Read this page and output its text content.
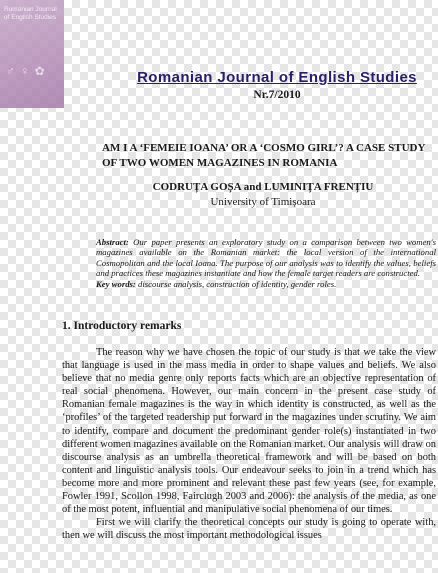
Romanian Journal
of English Studies
♂ ♀ ✿	Romanian Journal of English Studies
Nr.7/2010
AM I A ‘FEMEIE IOANA’ OR A ‘COSMO GIRL’? A CASE STUDY OF TWO WOMEN MAGAZINES IN ROMANIA
CODRUȚA GOȘA and LUMINIȚA FRENȚIU
University of Timișoara
Abstract: Our paper presents an exploratory study on a comparison between two women's magazines available on the Romanian market: the local version of the international Cosmopolitan and the local Ioana. The purpose of our analysis was to identify the values, beliefs and practices these magazines instantiate and how the female target readers are constructed.
Key words: discourse analysis, construction of identity, gender roles.
1. Introductory remarks

The reason why we have chosen the topic of our study is that we take the view that language is used in the mass media in order to shape values and beliefs. We also believe that no media genre only reports facts which are an objective representation of real social phenomena. However, our main concern in the present case study of Romanian female magazines is the way in which identity is constructed, as well as the ‘profiles’ of the targeted readership put forward in the magazines under scrutiny. We aim to identify, compare and document the predominant gender role(s) instantiated in two different women magazines available on the Romanian market. Our analysis will draw on discourse analysis as an umbrella theoretical framework and will be based on both content and linguistic analysis tools. Our endeavour seeks to join in a trend which has become more and more prominent and relevant these past few years (see, for example, Fowler 1991, Scollon 1998, Fairclugh 2003 and 2006): the analysis of the media, as one of the most potent, influential and manipulative social phenomena of our times.

First we will clarify the theoretical concepts our study is going to operate with, then we will discuss the most important methodological issues
